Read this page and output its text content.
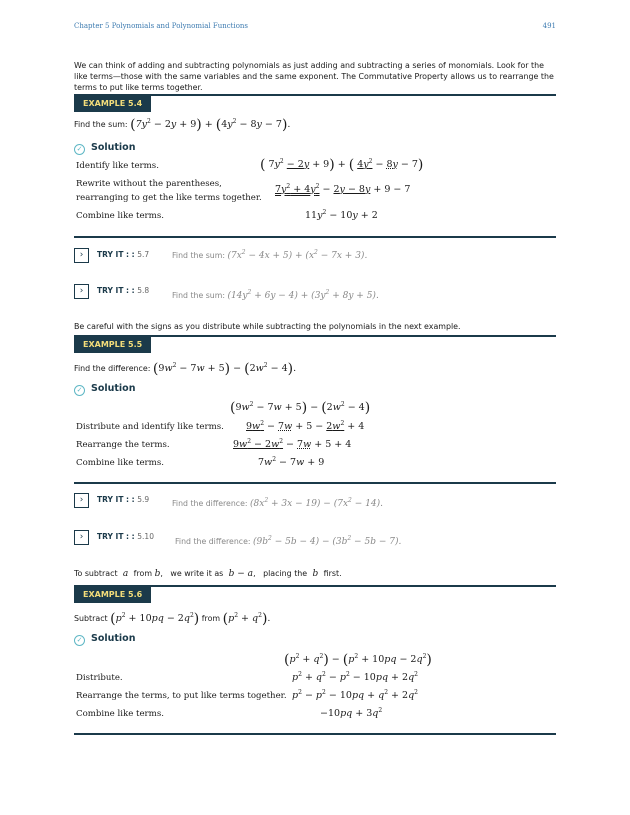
Chapter 5 Polynomials and Polynomial Functions	491

We can think of adding and subtracting polynomials as just adding and subtracting a series of monomials. Look for the like terms—those with the same variables and the same exponent. The Commutative Property allows us to rearrange the terms to put like terms together.

EXAMPLE 5.4
Find the sum: $(7y^2 - 2y + 9) + (4y^2 - 8y - 7)$.
✓ Solution
Identify like terms.	( $7y^2 - 2y + 9$) + ( $4y^2 - 8y - 7$)
Rewrite without the parentheses,
rearranging to get the like terms together.
$7y^2 + 4y^2 - 2y - 8y + 9 - 7$
Combine like terms.	$11y^2 - 10y + 2$
›	TRY IT : : 5.7	Find the sum: $(7x^2 - 4x + 5) + (x^2 - 7x + 3)$.
›	TRY IT : : 5.8
Find the sum: $(14y^2 + 6y - 4) + (3y^2 + 8y + 5)$.

Be careful with the signs as you distribute while subtracting the polynomials in the next example.

EXAMPLE 5.5
Find the difference: $(9w^2 - 7w + 5) - (2w^2 - 4)$.
✓ Solution
$(9w^2 - 7w + 5) - (2w^2 - 4)$
Distribute and identify like terms. $9w^2 - 7w + 5 - 2w^2 + 4$
Rearrange the terms.	$9w^2 - 2w^2 - 7w + 5 + 4$
Combine like terms.	$7w^2 - 7w + 9$
›	TRY IT : : 5.9	Find the difference: $(8x^2 + 3x - 19) - (7x^2 - 14)$.
›	TRY IT : : 5.10
Find the difference: $(9b^2 - 5b - 4) - (3b^2 - 5b - 7)$.

To subtract  a  from b,   we write it as  b − a,   placing the  b  first.

EXAMPLE 5.6
Subtract $(p^2 + 10pq - 2q^2)$ from $(p^2 + q^2)$.
✓ Solution
$(p^2 + q^2) - (p^2 + 10pq - 2q^2)$
Distribute.	$p^2 + q^2 - p^2 - 10pq + 2q^2$
Rearrange the terms, to put like terms together. $p^2 - p^2 - 10pq + q^2 + 2q^2$
Combine like terms.	$-10pq + 3q^2$
